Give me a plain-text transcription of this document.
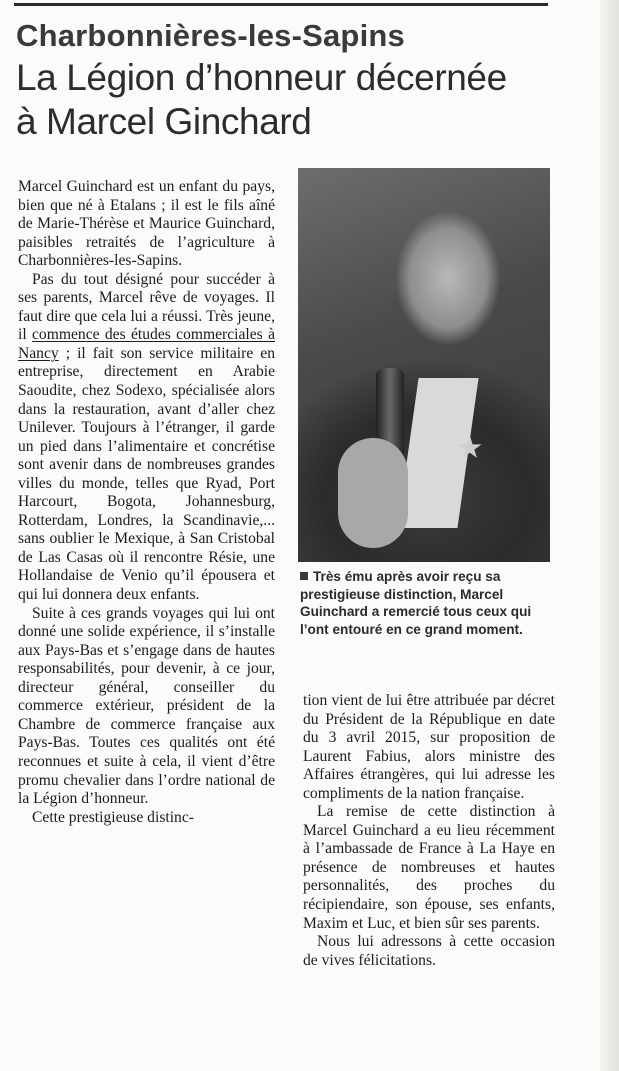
Charbonnières-les-Sapins
La Légion d’honneur décernée
à Marcel Ginchard

Marcel Guinchard est un enfant du pays, bien que né à Etalans ; il est le fils aîné de Marie-Thérèse et Maurice Guinchard, paisibles retraités de l’agriculture à Charbonnières-les-Sapins.

Pas du tout désigné pour succéder à ses parents, Marcel rêve de voyages. Il faut dire que cela lui a réussi. Très jeune, il commence des études commerciales à Nancy ; il fait son service militaire en entreprise, directement en Arabie Saoudite, chez Sodexo, spécialisée alors dans la restauration, avant d’aller chez Unilever. Toujours à l’étranger, il garde un pied dans l’alimentaire et concrétise sont avenir dans de nombreuses grandes villes du monde, telles que Ryad, Port Harcourt, Bogota, Johannesburg, Rotterdam, Londres, la Scandinavie,... sans oublier le Mexique, à San Cristobal de Las Casas où il rencontre Résie, une Hollandaise de Venio qu’il épousera et qui lui donnera deux enfants.

Suite à ces grands voyages qui lui ont donné une solide expérience, il s’installe aux Pays-Bas et s’engage dans de hautes responsabilités, pour devenir, à ce jour, directeur général, conseiller du commerce extérieur, président de la Chambre de commerce française aux Pays-Bas. Toutes ces qualités ont été reconnues et suite à cela, il vient d’être promu chevalier dans l’ordre national de la Légion d’honneur.

Cette prestigieuse distinc-

Très ému après avoir reçu sa prestigieuse distinction, Marcel Guinchard a remercié tous ceux qui l’ont entouré en ce grand moment.

tion vient de lui être attribuée par décret du Président de la République en date du 3 avril 2015, sur proposition de Laurent Fabius, alors ministre des Affaires étrangères, qui lui adresse les compliments de la nation française.

La remise de cette distinction à Marcel Guinchard a eu lieu récemment à l’ambassade de France à La Haye en présence de nombreuses et hautes personnalités, des proches du récipiendaire, son épouse, ses enfants, Maxim et Luc, et bien sûr ses parents.

Nous lui adressons à cette occasion de vives félicitations.
